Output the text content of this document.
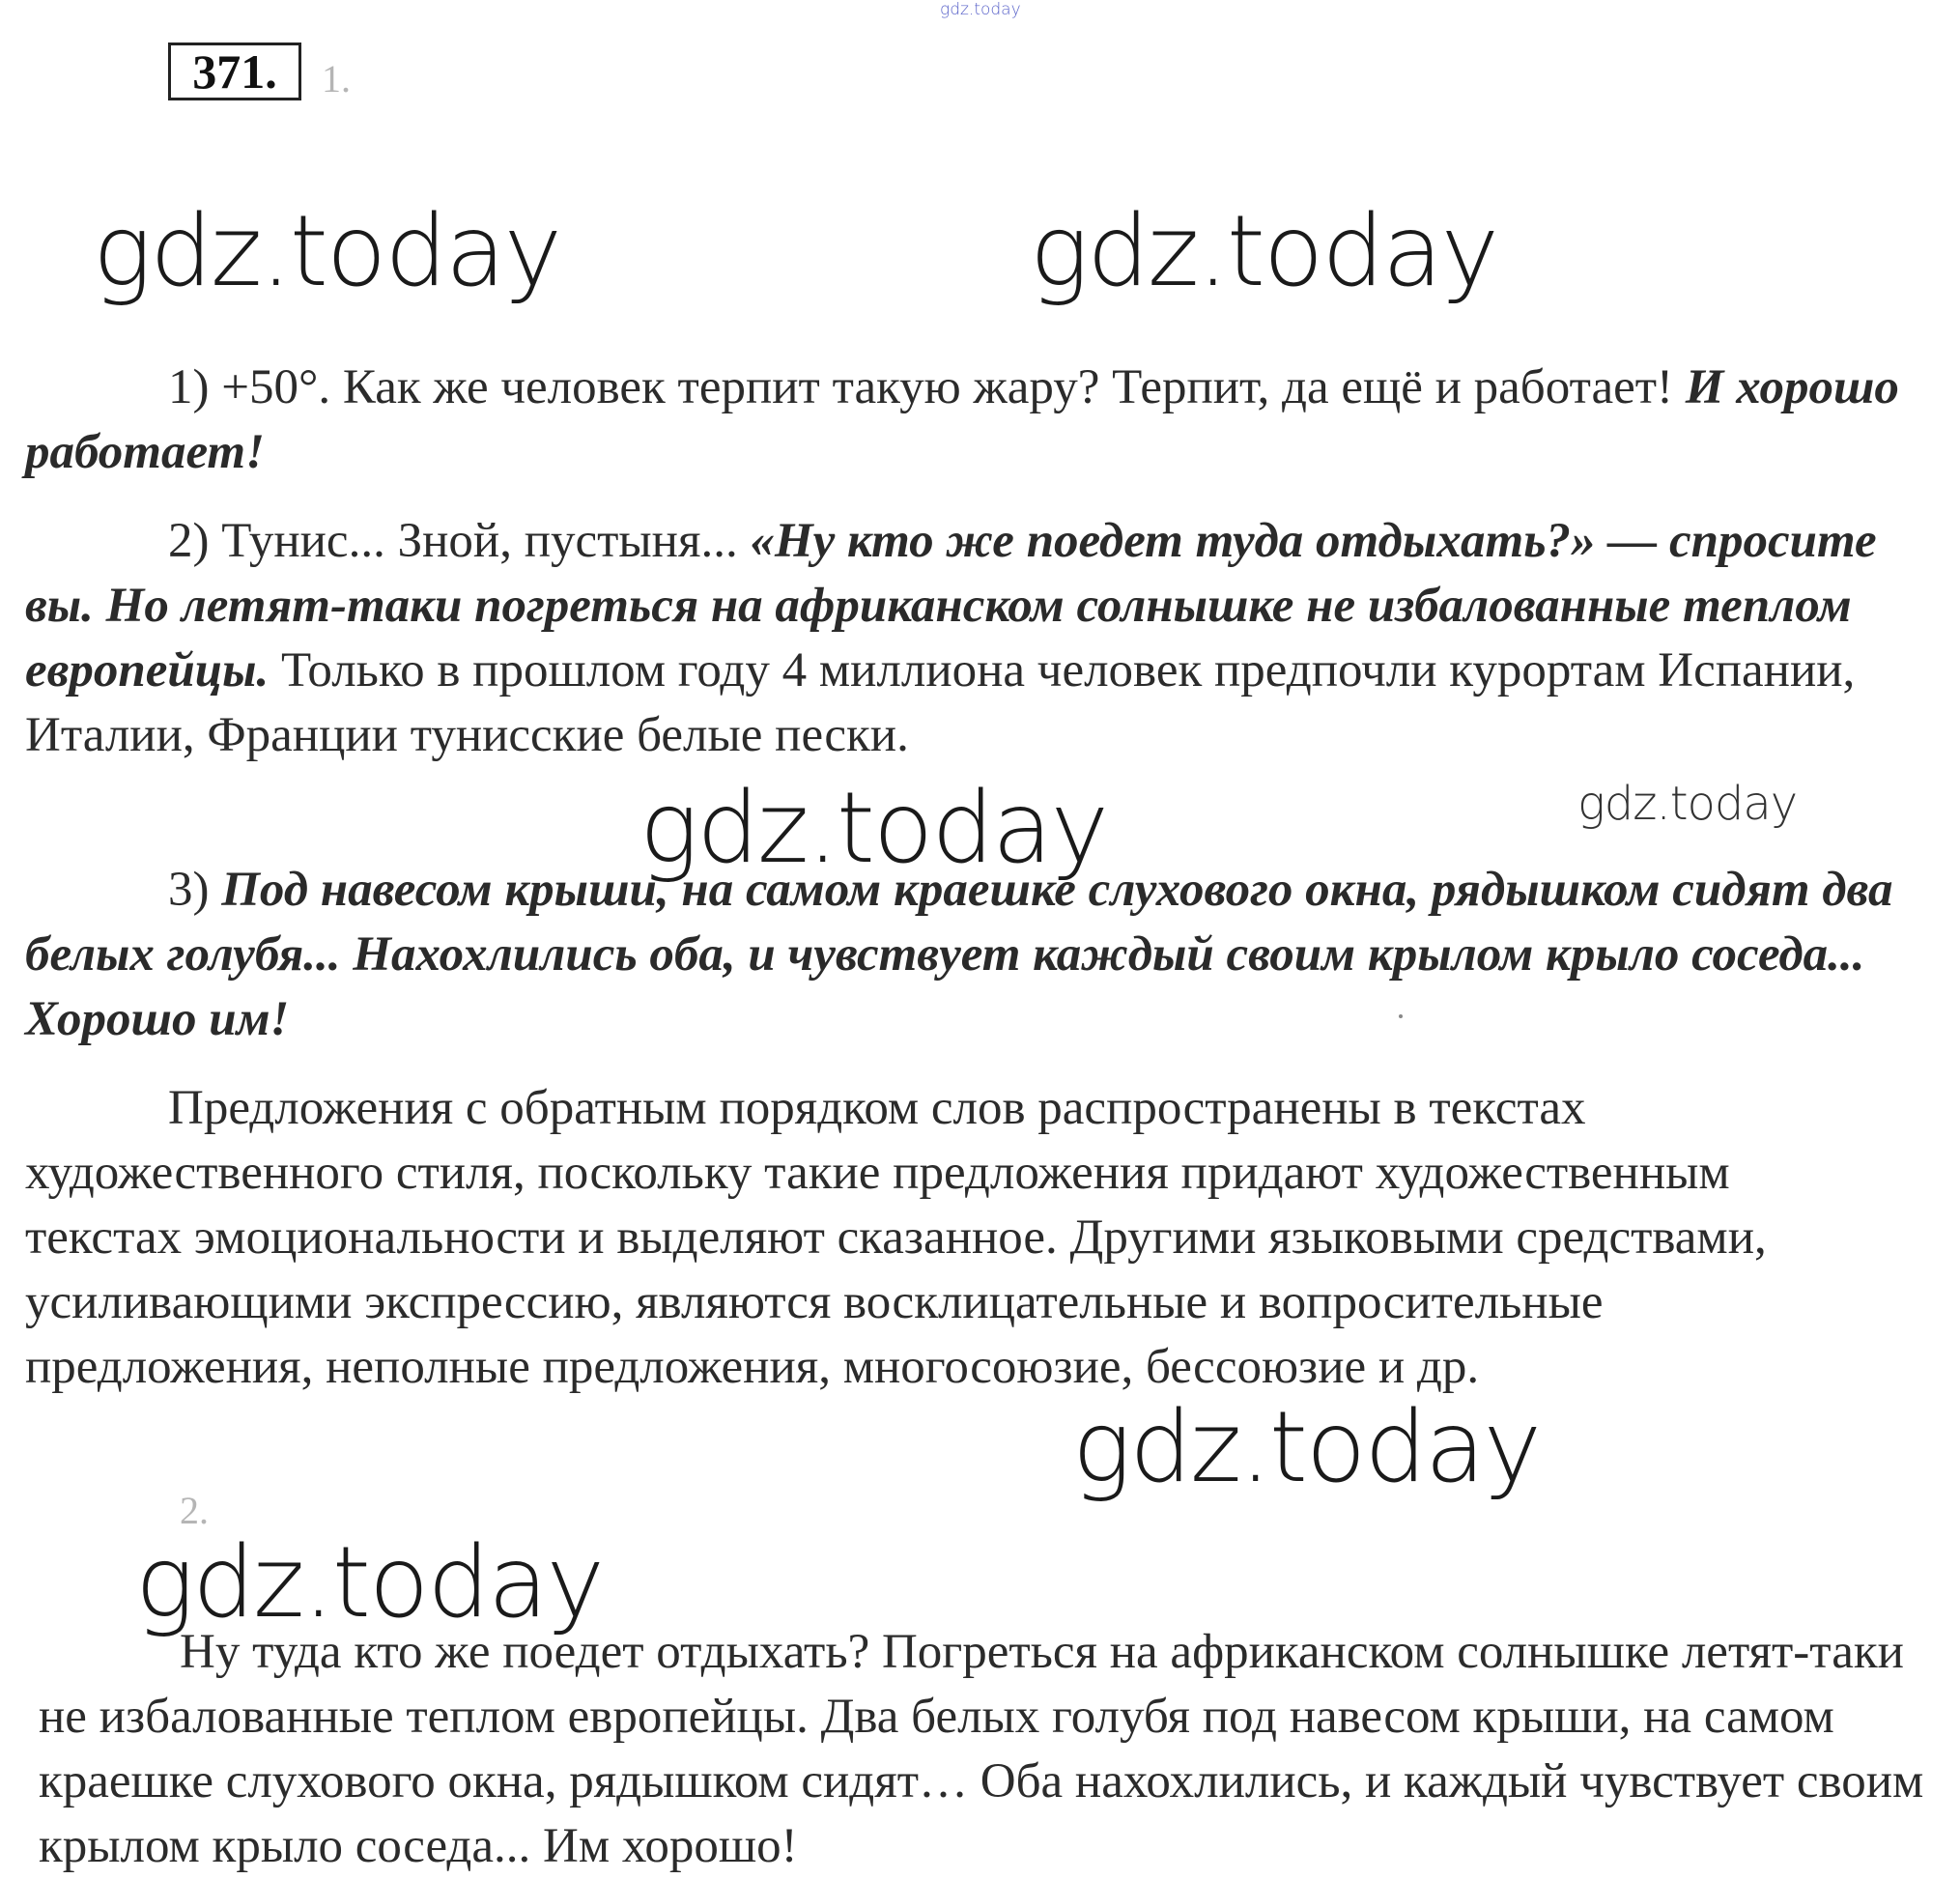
gdz.today
371.	1.
gdz.today	gdz.today

1) +50°. Как же человек терпит такую жару? Терпит, да ещё и работает! И хорошо работает!

2) Тунис... Зной, пустыня... «Ну кто же поедет туда отдыхать?» — спросите вы. Но летят-таки погреться на африканском солнышке не избалованные теплом европейцы. Только в прошлом году 4 миллиона человек предпочли курортам Испании, Италии, Франции тунисские белые пески.

gdz.today	gdz.today

3) Под навесом крыши, на самом краешке слухового окна, рядышком сидят два белых голубя... Нахохлились оба, и чувствует каждый своим крылом крыло соседа... Хорошо им!

Предложения с обратным порядком слов распространены в текстах художественного стиля, поскольку такие предложения придают художественным текстах эмоциональности и выделяют сказанное. Другими языковыми средствами, усиливающими экспрессию, являются восклицательные и вопросительные предложения, неполные предложения, многосоюзие, бессоюзие и др.

gdz.today
2.
gdz.today

Ну туда кто же поедет отдыхать? Погреться на африканском солнышке летят-таки не избалованные теплом европейцы. Два белых голубя под навесом крыши, на самом краешке слухового окна, рядышком сидят… Оба нахохлились, и каждый чувствует своим крылом крыло соседа... Им хорошо!
